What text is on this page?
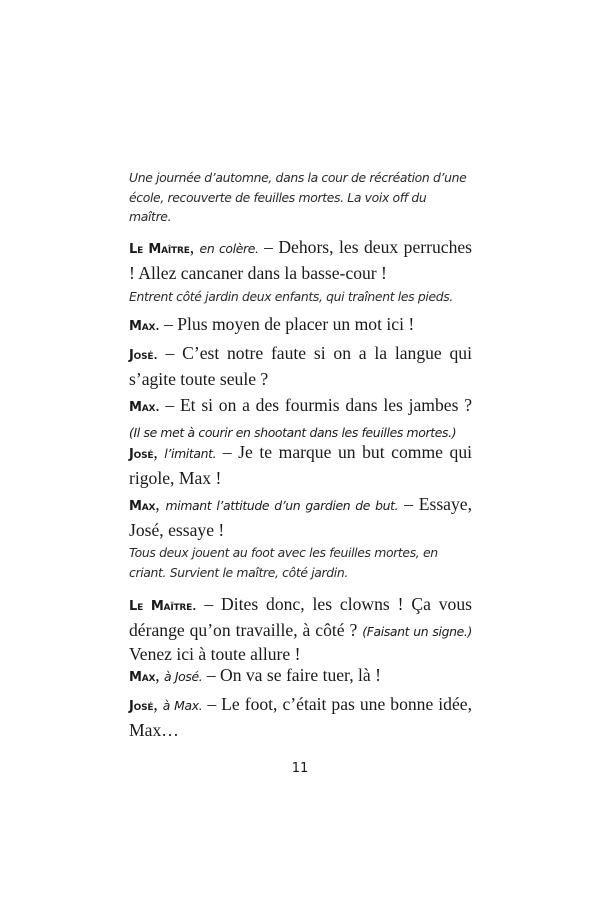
Une journée d’automne, dans la cour de récréation d’une école, recouverte de feuilles mortes. La voix off du maître.

Le Maître, en colère. – Dehors, les deux perruches ! Allez cancaner dans la basse-cour !

Entrent côté jardin deux enfants, qui traînent les pieds.

Max. – Plus moyen de placer un mot ici !

José. – C’est notre faute si on a la langue qui s’agite toute seule ?

Max. – Et si on a des fourmis dans les jambes ? (Il se met à courir en shootant dans les feuilles mortes.)

José, l’imitant. – Je te marque un but comme qui rigole, Max !

Max, mimant l’attitude d’un gardien de but. – Essaye, José, essaye !

Tous deux jouent au foot avec les feuilles mortes, en criant. Survient le maître, côté jardin.

Le Maître. – Dites donc, les clowns ! Ça vous dérange qu’on travaille, à côté ? (Faisant un signe.) Venez ici à toute allure !

Max, à José. – On va se faire tuer, là !

José, à Max. – Le foot, c’était pas une bonne idée, Max…

11
